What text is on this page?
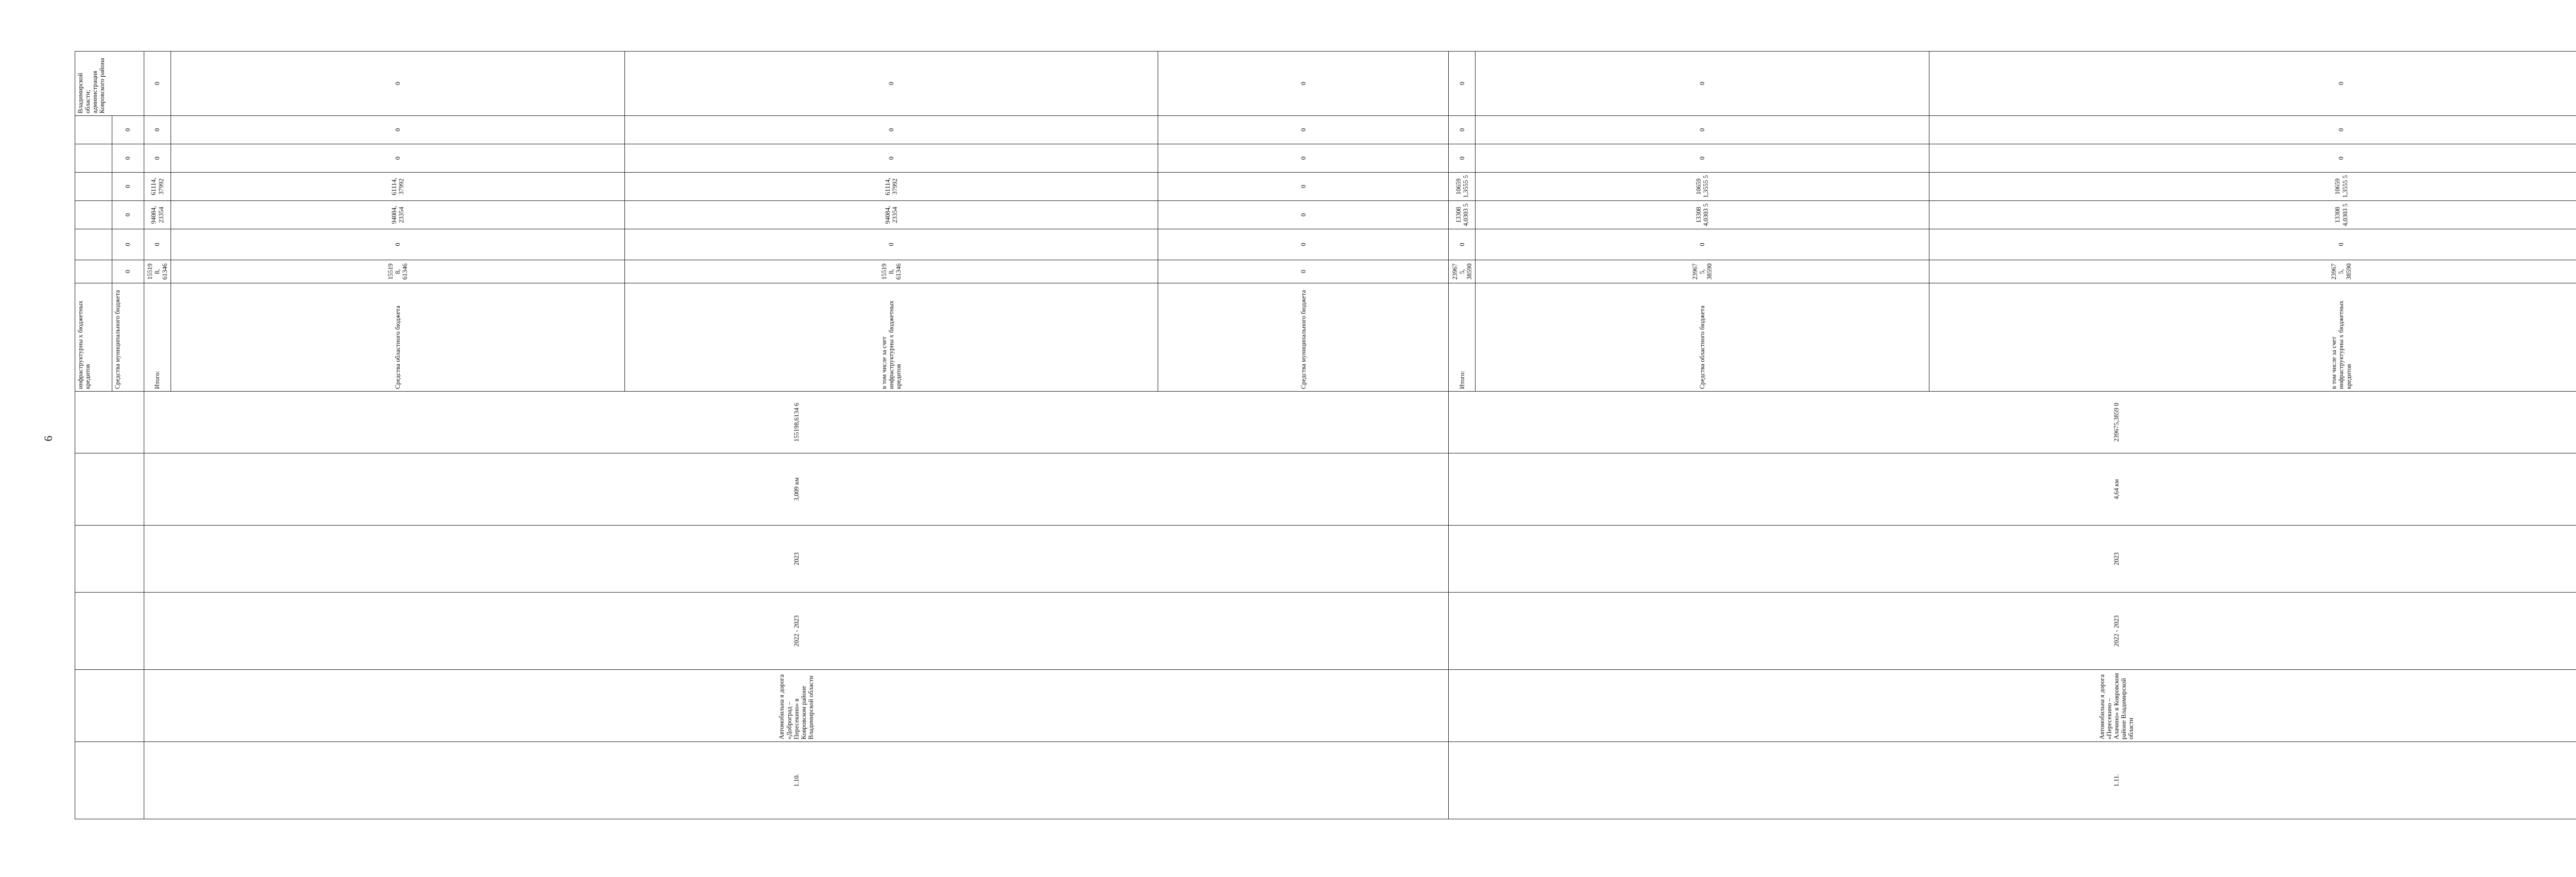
6
						инфраструктурны х бюджетных кредитов							Владимирской области; администрация Ковровского района	
						Средства муниципального бюджета	0	0	0	0	0	0	
1.10.	Автомобильна я дорога «Доброград – Пересекино» в Ковровском районе Владимирской области	2022 - 2023	2023	3,009 км	155198,6134 6	Итого:	155198, 61346	0	94084, 23354	61114, 37992	0	0	0	
						Средства областного бюджета	155198, 61346	0	94084, 23354	61114, 37992	0	0	0	
						в том числе за счет инфраструктурны х бюджетных кредитов	155198, 61346	0	94084, 23354	61114, 37992	0	0	0	
						Средства муниципального бюджета	0	0	0	0	0	0	0	
1.11.	Автомобильна я дорога «Пересекино – Алачино» в Ковровском районе Владимирской области	2022 - 2023	2023	4,64 км	239675,3859 0	Итого:	239675, 38590	0	13308 4,0303 5	10659 1,3555 5	0	0	0	
						Средства областного бюджета	239675, 38590	0	13308 4,0303 5	10659 1,3555 5	0	0	0	
						в том числе за счет инфраструктурны х бюджетных кредитов	239675, 38590	0	13308 4,0303 5	10659 1,3555 5	0	0	0	
